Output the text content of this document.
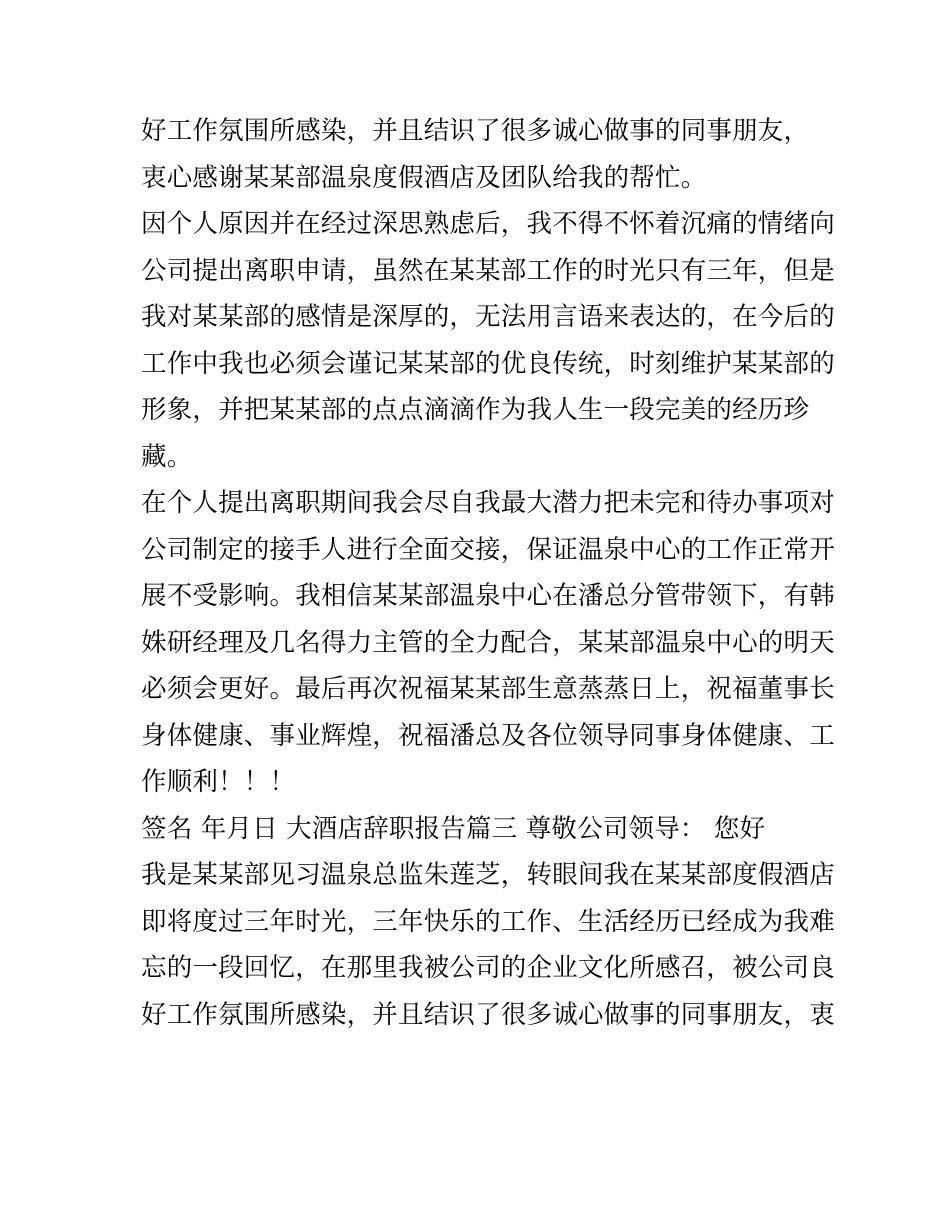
好工作氛围所感染，并且结识了很多诚心做事的同事朋友，
衷心感谢某某部温泉度假酒店及团队给我的帮忙。
因个人原因并在经过深思熟虑后，我不得不怀着沉痛的情绪向
公司提出离职申请，虽然在某某部工作的时光只有三年，但是
我对某某部的感情是深厚的，无法用言语来表达的，在今后的
工作中我也必须会谨记某某部的优良传统，时刻维护某某部的
形象，并把某某部的点点滴滴作为我人生一段完美的经历珍
藏。
在个人提出离职期间我会尽自我最大潜力把未完和待办事项对
公司制定的接手人进行全面交接，保证温泉中心的工作正常开
展不受影响。我相信某某部温泉中心在潘总分管带领下，有韩
姝研经理及几名得力主管的全力配合，某某部温泉中心的明天
必须会更好。最后再次祝福某某部生意蒸蒸日上，祝福董事长
身体健康、事业辉煌，祝福潘总及各位领导同事身体健康、工
作顺利！！！
签名 年月日 大酒店辞职报告篇三 尊敬公司领导： 您好
我是某某部见习温泉总监朱莲芝，转眼间我在某某部度假酒店
即将度过三年时光，三年快乐的工作、生活经历已经成为我难
忘的一段回忆，在那里我被公司的企业文化所感召，被公司良
好工作氛围所感染，并且结识了很多诚心做事的同事朋友，衷
